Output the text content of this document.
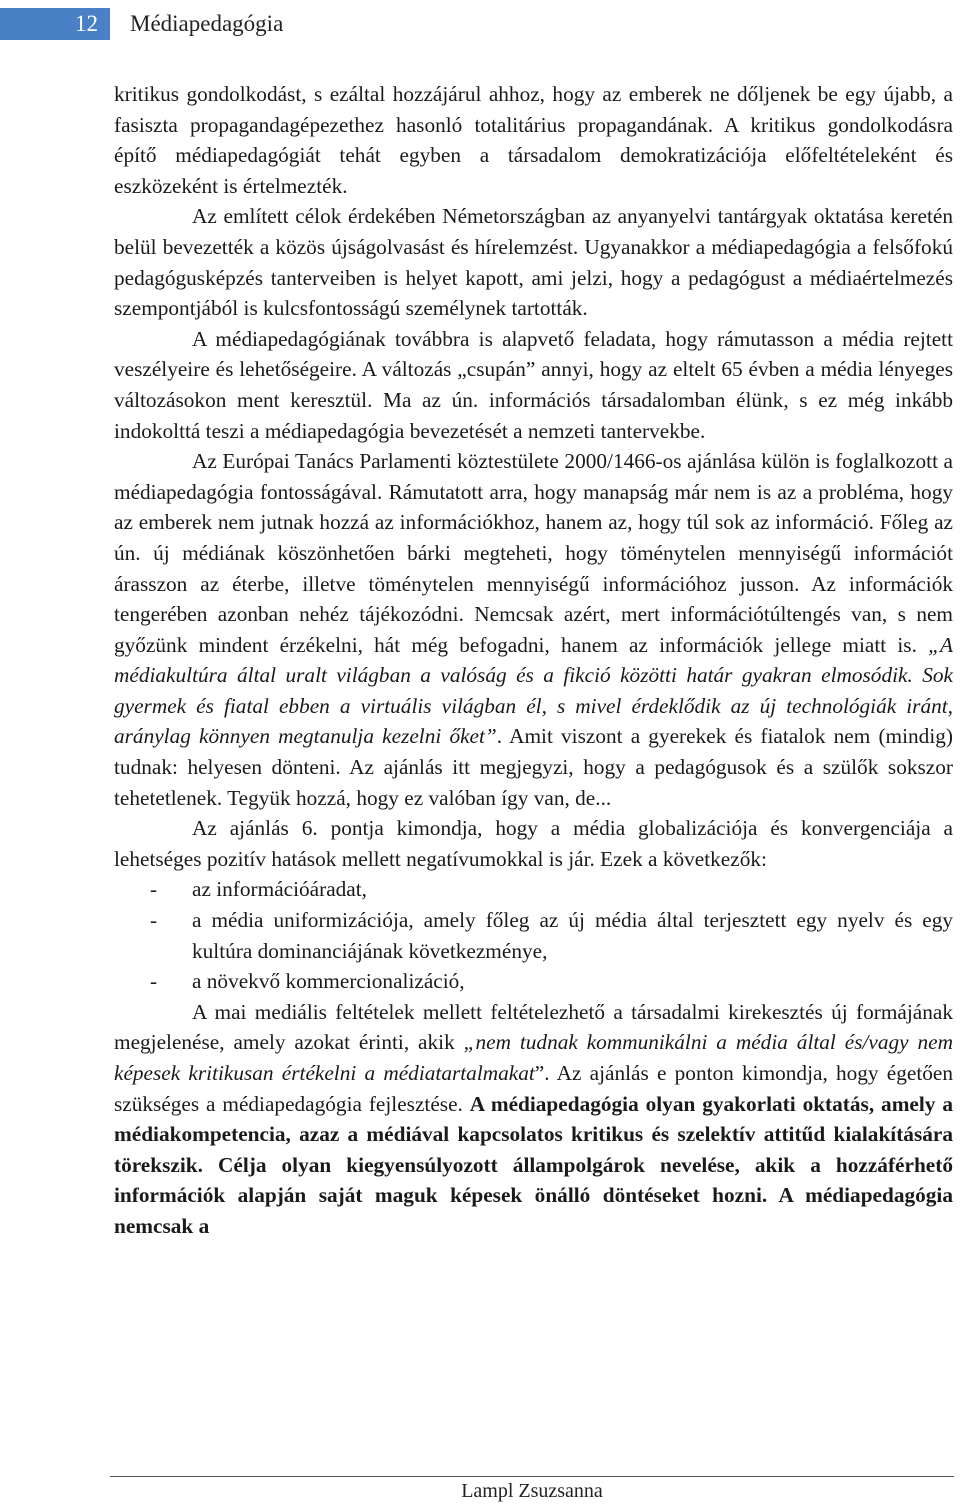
12	Médiapedagógia

kritikus gondolkodást, s ezáltal hozzájárul ahhoz, hogy az emberek ne dőljenek be egy újabb, a fasiszta propagandagépezethez hasonló totalitárius propagandának. A kritikus gondolkodásra építő médiapedagógiát tehát egyben a társadalom demokratizációja előfeltételeként és eszközeként is értelmezték.

Az említett célok érdekében Németországban az anyanyelvi tantárgyak oktatása keretén belül bevezették a közös újságolvasást és hírelemzést. Ugyanakkor a médiapedagógia a felsőfokú pedagógusképzés tanterveiben is helyet kapott, ami jelzi, hogy a pedagógust a médiaértelmezés szempontjából is kulcsfontosságú személynek tartották.

A médiapedagógiának továbbra is alapvető feladata, hogy rámutasson a média rejtett veszélyeire és lehetőségeire. A változás „csupán” annyi, hogy az eltelt 65 évben a média lényeges változásokon ment keresztül. Ma az ún. információs társadalomban élünk, s ez még inkább indokolttá teszi a médiapedagógia bevezetését a nemzeti tantervekbe.

Az Európai Tanács Parlamenti köztestülete 2000/1466-os ajánlása külön is foglalkozott a médiapedagógia fontosságával. Rámutatott arra, hogy manapság már nem is az a probléma, hogy az emberek nem jutnak hozzá az információkhoz, hanem az, hogy túl sok az információ. Főleg az ún. új médiának köszönhetően bárki megteheti, hogy töménytelen mennyiségű információt árasszon az éterbe, illetve töménytelen mennyiségű információhoz jusson. Az információk tengerében azonban nehéz tájékozódni. Nemcsak azért, mert információtúltengés van, s nem győzünk mindent érzékelni, hát még befogadni, hanem az információk jellege miatt is. „A médiakultúra által uralt világban a valóság és a fikció közötti határ gyakran elmosódik. Sok gyermek és fiatal ebben a virtuális világban él, s mivel érdeklődik az új technológiák iránt, aránylag könnyen megtanulja kezelni őket”. Amit viszont a gyerekek és fiatalok nem (mindig) tudnak: helyesen dönteni. Az ajánlás itt megjegyzi, hogy a pedagógusok és a szülők sokszor tehetetlenek. Tegyük hozzá, hogy ez valóban így van, de...

Az ajánlás 6. pontja kimondja, hogy a média globalizációja és konvergenciája a lehetséges pozitív hatások mellett negatívumokkal is jár. Ezek a következők:

- az információáradat,
- a média uniformizációja, amely főleg az új média által terjesztett egy nyelv és egy kultúra dominanciájának következménye,
- a növekvő kommercionalizáció,

A mai mediális feltételek mellett feltételezhető a társadalmi kirekesztés új formájának megjelenése, amely azokat érinti, akik „nem tudnak kommunikálni a média által és/vagy nem képesek kritikusan értékelni a médiatartalmakat”. Az ajánlás e ponton kimondja, hogy égetően szükséges a médiapedagógia fejlesztése. A médiapedagógia olyan gyakorlati oktatás, amely a médiakompetencia, azaz a médiával kapcsolatos kritikus és szelektív attitűd kialakítására törekszik. Célja olyan kiegyensúlyozott állampolgárok nevelése, akik a hozzáférhető információk alapján saját maguk képesek önálló döntéseket hozni. A médiapedagógia nemcsak a

Lampl Zsuzsanna
